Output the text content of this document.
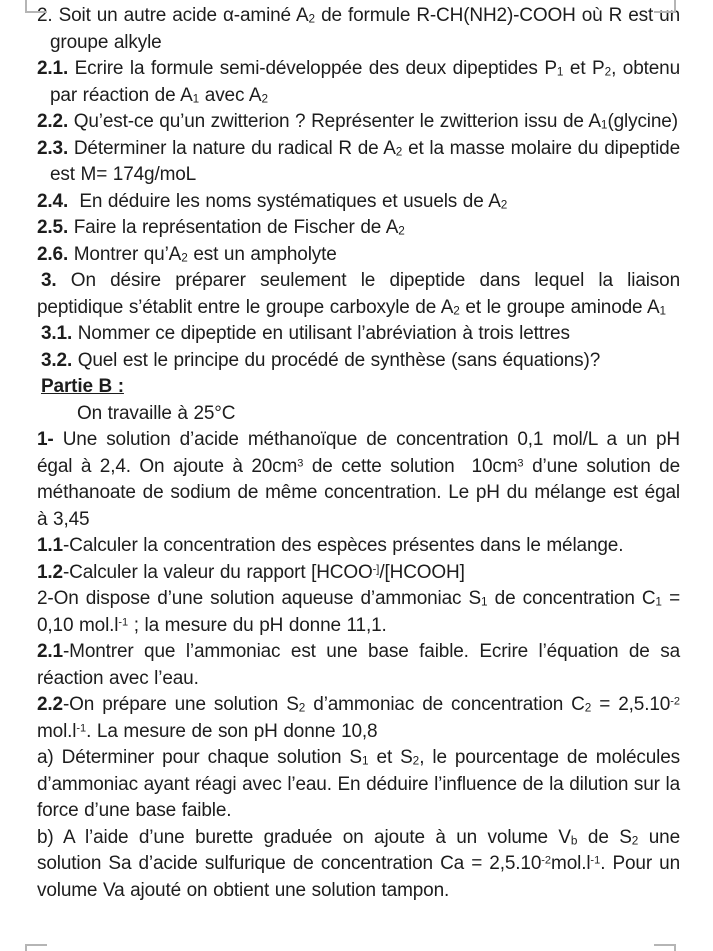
2. Soit un autre acide α-aminé A2 de formule R-CH(NH2)-COOH où R est un groupe alkyle

2.1. Ecrire la formule semi-développée des deux dipeptides P1 et P2, obtenu par réaction de A1 avec A2

2.2. Qu’est-ce qu’un zwitterion ? Représenter le zwitterion issu de A1(glycine)

2.3. Déterminer la nature du radical R de A2 et la masse molaire du dipeptide est M= 174g/moL

2.4.  En déduire les noms systématiques et usuels de A2

2.5. Faire la représentation de Fischer de A2

2.6. Montrer qu’A2 est un ampholyte

3. On désire préparer seulement le dipeptide dans lequel la liaison peptidique s’établit entre le groupe carboxyle de A2 et le groupe aminode A1

3.1. Nommer ce dipeptide en utilisant l’abréviation à trois lettres

3.2. Quel est le principe du procédé de synthèse (sans équations)?

Partie B :

On travaille à 25°C

1- Une solution d’acide méthanoïque de concentration 0,1 mol/L a un pH égal à 2,4. On ajoute à $20cm^3$ de cette solution  $10cm^3$ d’une solution de méthanoate de sodium de même concentration. Le pH du mélange est égal à 3,45

1.1-Calculer la concentration des espèces présentes dans le mélange.

1.2-Calculer la valeur du rapport [HCOO-]/[HCOOH]

2-On dispose d’une solution aqueuse d’ammoniac S1 de concentration C1 = 0,10 $mol.l^{-1}$ ; la mesure du pH donne 11,1.

2.1-Montrer que l’ammoniac est une base faible. Ecrire l’équation de sa réaction avec l’eau.

2.2-On prépare une solution S2 d’ammoniac de concentration $C2 = 2,5.10^{-2}$ $mol.l^{-1}$. La mesure de son pH donne 10,8

a) Déterminer pour chaque solution S1 et S2, le pourcentage de molécules d’ammoniac ayant réagi avec l’eau. En déduire l’influence de la dilution sur la force d’une base faible.

b) A l’aide d’une burette graduée on ajoute à un volume Vb de S2 une solution Sa d’acide sulfurique de concentration $Ca = 2,5.10^{-2}mol.l^{-1}$. Pour un volume Va ajouté on obtient une solution tampon.
